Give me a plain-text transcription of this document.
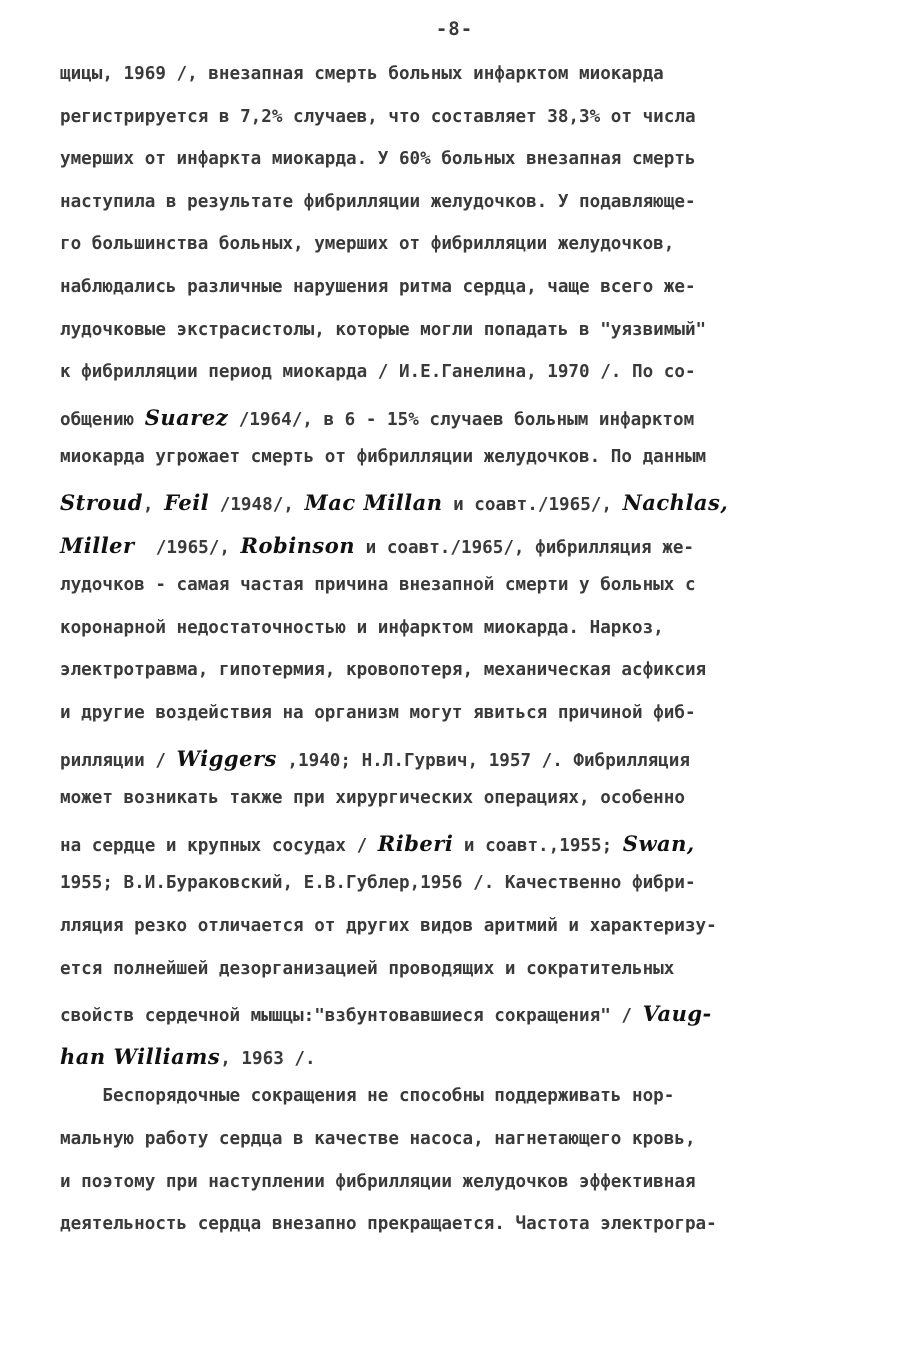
-8-
щицы, 1969 /, внезапная смерть больных инфарктом миокарда
регистрируется в 7,2% случаев, что составляет 38,3% от числа
умерших от инфаркта миокарда. У 60% больных внезапная смерть
наступила в результате фибрилляции желудочков. У подавляюще-
го большинства больных, умерших от фибрилляции желудочков,
наблюдались различные нарушения ритма сердца, чаще всего же-
лудочковые экстрасистолы, которые могли попадать в "уязвимый"
к фибрилляции период миокарда / И.Е.Ганелина, 1970 /. По со-
общению Suarez /1964/, в 6 - 15% случаев больным инфарктом
миокарда угрожает смерть от фибрилляции желудочков. По данным
Stroud, Feil /1948/, Mac Millan и соавт./1965/, Nachlas,
Miller  /1965/, Robinson и соавт./1965/, фибрилляция же-
лудочков - самая частая причина внезапной смерти у больных с
коронарной недостаточностью и инфарктом миокарда. Наркоз,
электротравма, гипотермия, кровопотеря, механическая асфиксия
и другие воздействия на организм могут явиться причиной фиб-
рилляции / Wiggers ,1940; Н.Л.Гурвич, 1957 /. Фибрилляция
может возникать также при хирургических операциях, особенно
на сердце и крупных сосудах / Riberi и соавт.,1955; Swan,
1955; В.И.Бураковский, Е.В.Гублер,1956 /. Качественно фибри-
лляция резко отличается от других видов аритмий и характеризу-
ется полнейшей дезорганизацией проводящих и сократительных
свойств сердечной мышцы:"взбунтовавшиеся сокращения" / Vaug-
han Williams, 1963 /.
Беспорядочные сокращения не способны поддерживать нор-
мальную работу сердца в качестве насоса, нагнетающего кровь,
и поэтому при наступлении фибрилляции желудочков эффективная
деятельность сердца внезапно прекращается. Частота электрогра-
